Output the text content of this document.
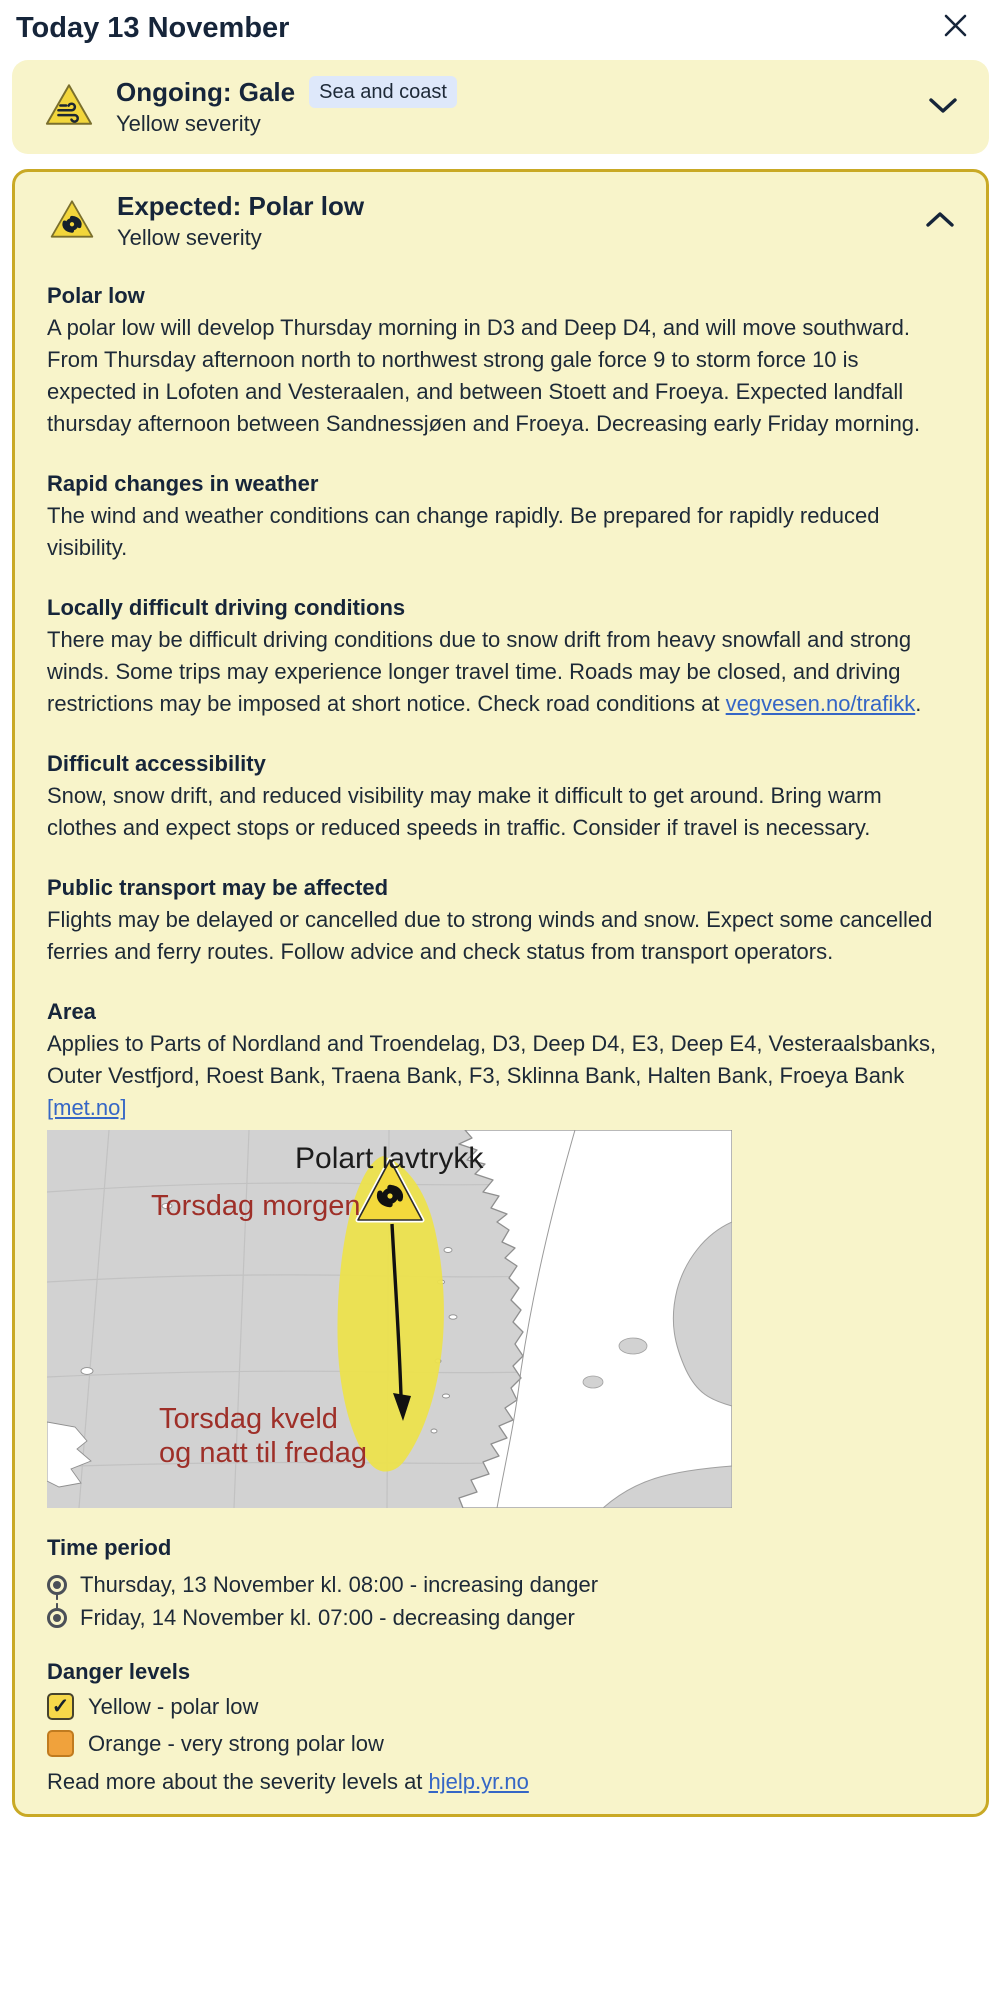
Today 13 November
Ongoing: Gale	Sea and coast
Yellow severity
Expected: Polar low
Yellow severity
Polar low

A polar low will develop Thursday morning in D3 and Deep D4, and will move southward. From Thursday afternoon north to northwest strong gale force 9 to storm force 10 is expected in Lofoten and Vesteraalen, and between Stoett and Froeya. Expected landfall thursday afternoon between Sandnessjøen and Froeya. Decreasing early Friday morning.

Rapid changes in weather

The wind and weather conditions can change rapidly. Be prepared for rapidly reduced visibility.

Locally difficult driving conditions

There may be difficult driving conditions due to snow drift from heavy snowfall and strong winds. Some trips may experience longer travel time. Roads may be closed, and driving restrictions may be imposed at short notice. Check road conditions at vegvesen.no/trafikk.

Difficult accessibility

Snow, snow drift, and reduced visibility may make it difficult to get around. Bring warm clothes and expect stops or reduced speeds in traffic. Consider if travel is necessary.

Public transport may be affected

Flights may be delayed or cancelled due to strong winds and snow. Expect some cancelled ferries and ferry routes. Follow advice and check status from transport operators.

Area

Applies to Parts of Nordland and Troendelag, D3, Deep D4, E3, Deep E4, Vesteraalsbanks, Outer Vestfjord, Roest Bank, Traena Bank, F3, Sklinna Bank, Halten Bank, Froeya Bank

[met.no]
Polart lavtrykk
Torsdag morgen
Torsdag kveld og natt til fredag
Time period
Thursday, 13 November kl. 08:00 - increasing danger
Friday, 14 November kl. 07:00 - decreasing danger
Danger levels
✓ Yellow - polar low
Orange - very strong polar low
Read more about the severity levels at hjelp.yr.no
